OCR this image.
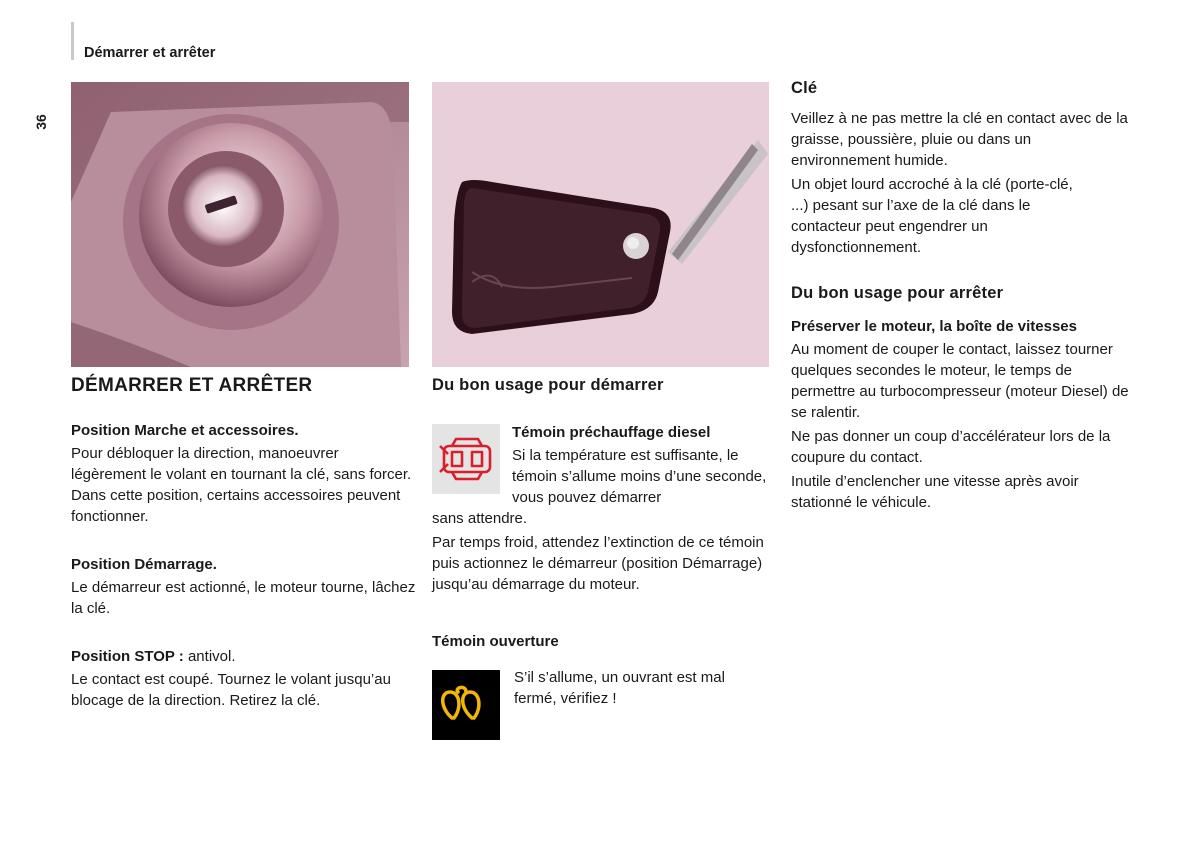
Démarrer et arrêter
36
DÉMARRER ET ARRÊTER

Position Marche et accessoires.

Pour débloquer la direction, manoeuvrer légèrement le volant en tournant la clé, sans forcer. Dans cette position, certains accessoires peuvent fonctionner.

Position Démarrage.

Le démarreur est actionné, le moteur tourne, lâchez la clé.

Position STOP : antivol.

Le contact est coupé. Tournez le volant jusqu’au blocage de la direction. Retirez la clé.

Du bon usage pour démarrer

Témoin préchauffage diesel

Si la température est suffisante, le témoin s’allume moins d’une seconde, vous pouvez démarrer

sans attendre.

Par temps froid, attendez l’extinction de ce témoin puis actionnez le démarreur (position Démarrage) jusqu’au démarrage du moteur.

Témoin ouverture

S’il s’allume, un ouvrant est mal fermé, vérifiez !

Clé

Veillez à ne pas mettre la clé en contact avec de la graisse, poussière, pluie ou dans un environnement humide.

Un objet lourd accroché à la clé (porte-clé, ...) pesant sur l’axe de la clé dans le contacteur peut engendrer un dysfonctionnement.

Du bon usage pour arrêter

Préserver le moteur, la boîte de vitesses

Au moment de couper le contact, laissez tourner quelques secondes le moteur, le temps de permettre au turbocompresseur (moteur Diesel) de se ralentir.

Ne pas donner un coup d’accélérateur lors de la coupure du contact.

Inutile d’enclencher une vitesse après avoir stationné le véhicule.
